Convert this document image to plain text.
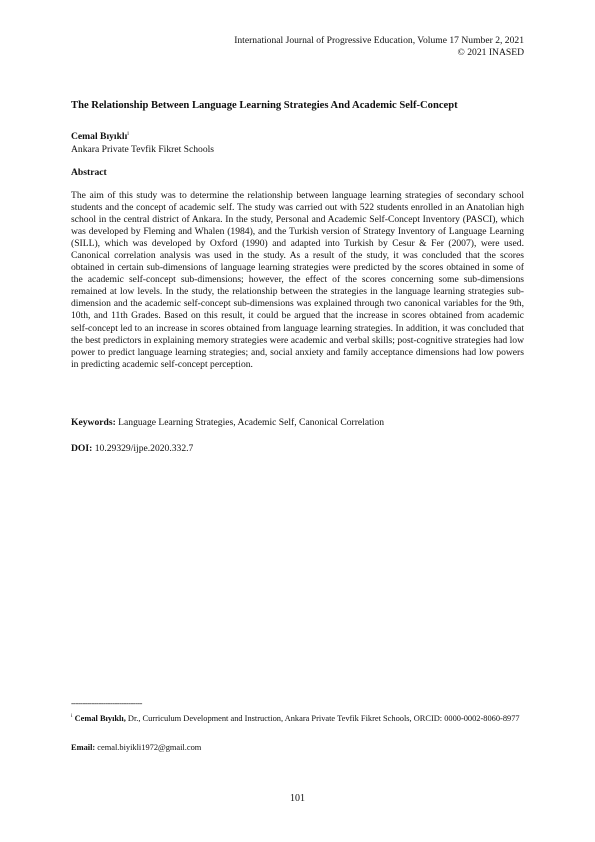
International Journal of Progressive Education, Volume 17 Number 2, 2021
© 2021 INASED
The Relationship Between Language Learning Strategies And Academic Self-Concept
Cemal Bıyıklı$^i$
Ankara Private Tevfik Fikret Schools
Abstract

The aim of this study was to determine the relationship between language learning strategies of secondary school students and the concept of academic self. The study was carried out with 522 students enrolled in an Anatolian high school in the central district of Ankara. In the study, Personal and Academic Self-Concept Inventory (PASCI), which was developed by Fleming and Whalen (1984), and the Turkish version of Strategy Inventory of Language Learning (SILL), which was developed by Oxford (1990) and adapted into Turkish by Cesur & Fer (2007), were used. Canonical correlation analysis was used in the study. As a result of the study, it was concluded that the scores obtained in certain sub-dimensions of language learning strategies were predicted by the scores obtained in some of the academic self-concept sub-dimensions; however, the effect of the scores concerning some sub-dimensions remained at low levels. In the study, the relationship between the strategies in the language learning strategies sub-dimension and the academic self-concept sub-dimensions was explained through two canonical variables for the 9th, 10th, and 11th Grades. Based on this result, it could be argued that the increase in scores obtained from academic self-concept led to an increase in scores obtained from language learning strategies. In addition, it was concluded that the best predictors in explaining memory strategies were academic and verbal skills; post-cognitive strategies had low power to predict language learning strategies; and, social anxiety and family acceptance dimensions had low powers in predicting academic self-concept perception.

Keywords: Language Learning Strategies, Academic Self, Canonical Correlation
DOI: 10.29329/ijpe.2020.332.7
-------------------------------
$^i$ Cemal Bıyıklı, Dr., Curriculum Development and Instruction, Ankara Private Tevfik Fikret Schools, ORCID: 0000-0002-8060-8977
Email: cemal.biyikli1972@gmail.com
101
